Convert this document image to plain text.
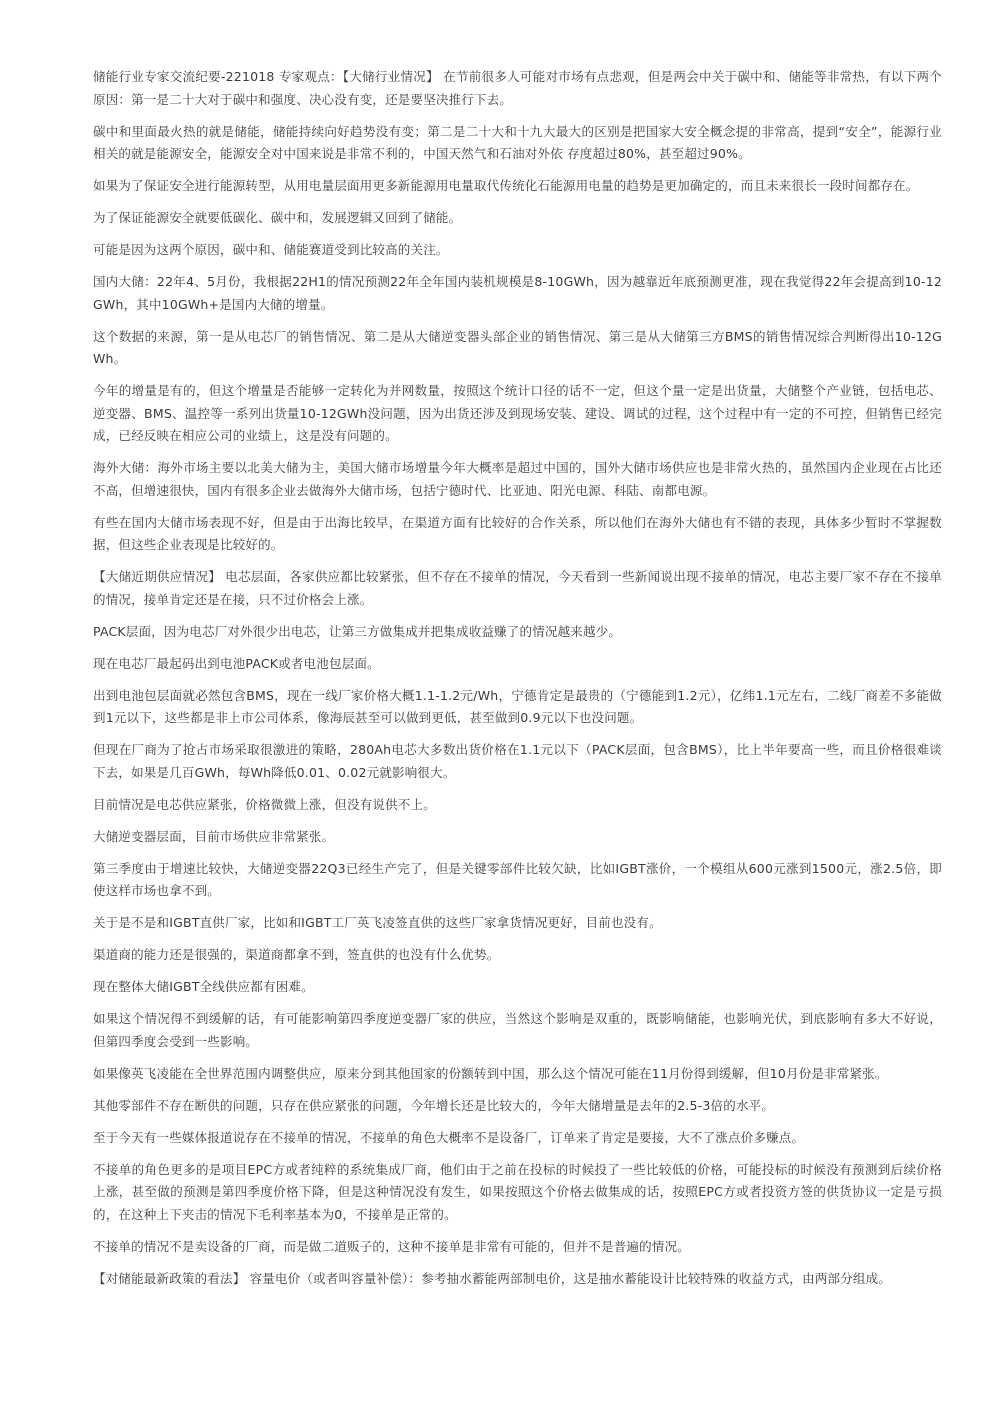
储能行业专家交流纪要-221018 专家观点：【大储行业情况】 在节前很多人可能对市场有点悲观，但是两会中关于碳中和、储能等非常热，有以下两个原因：第一是二十大对于碳中和强度、决心没有变，还是要坚决推行下去。

碳中和里面最火热的就是储能，储能持续向好趋势没有变；第二是二十大和十九大最大的区别是把国家大安全概念提的非常高，提到“安全”，能源行业相关的就是能源安全，能源安全对中国来说是非常不利的，中国天然气和石油对外依 存度超过80%，甚至超过90%。

如果为了保证安全进行能源转型，从用电量层面用更多新能源用电量取代传统化石能源用电量的趋势是更加确定的，而且未来很长一段时间都存在。

为了保证能源安全就要低碳化、碳中和，发展逻辑又回到了储能。

可能是因为这两个原因，碳中和、储能赛道受到比较高的关注。

国内大储：22年4、5月份，我根据22H1的情况预测22年全年国内装机规模是8-10GWh，因为越靠近年底预测更准，现在我觉得22年会提高到10-12GWh，其中10GWh+是国内大储的增量。

这个数据的来源，第一是从电芯厂的销售情况、第二是从大储逆变器头部企业的销售情况、第三是从大储第三方BMS的销售情况综合判断得出10-12GWh。

今年的增量是有的，但这个增量是否能够一定转化为并网数量，按照这个统计口径的话不一定，但这个量一定是出货量，大储整个产业链，包括电芯、逆变器、BMS、温控等一系列出货量10-12GWh没问题，因为出货还涉及到现场安装、建设、调试的过程，这个过程中有一定的不可控，但销售已经完成，已经反映在相应公司的业绩上，这是没有问题的。

海外大储：海外市场主要以北美大储为主，美国大储市场增量今年大概率是超过中国的，国外大储市场供应也是非常火热的，虽然国内企业现在占比还不高，但增速很快，国内有很多企业去做海外大储市场，包括宁德时代、比亚迪、阳光电源、科陆、南都电源。

有些在国内大储市场表现不好，但是由于出海比较早，在渠道方面有比较好的合作关系，所以他们在海外大储也有不错的表现，具体多少暂时不掌握数据，但这些企业表现是比较好的。

【大储近期供应情况】 电芯层面，各家供应都比较紧张，但不存在不接单的情况，今天看到一些新闻说出现不接单的情况，电芯主要厂家不存在不接单的情况，接单肯定还是在接，只不过价格会上涨。

PACK层面，因为电芯厂对外很少出电芯，让第三方做集成并把集成收益赚了的情况越来越少。

现在电芯厂最起码出到电池PACK或者电池包层面。

出到电池包层面就必然包含BMS，现在一线厂家价格大概1.1-1.2元/Wh，宁德肯定是最贵的（宁德能到1.2元），亿纬1.1元左右，二线厂商差不多能做到1元以下，这些都是非上市公司体系，像海辰甚至可以做到更低，甚至做到0.9元以下也没问题。

但现在厂商为了抢占市场采取很激进的策略，280Ah电芯大多数出货价格在1.1元以下（PACK层面，包含BMS），比上半年要高一些，而且价格很难谈下去，如果是几百GWh，每Wh降低0.01、0.02元就影响很大。

目前情况是电芯供应紧张，价格微微上涨，但没有说供不上。

大储逆变器层面，目前市场供应非常紧张。

第三季度由于增速比较快，大储逆变器22Q3已经生产完了，但是关键零部件比较欠缺，比如IGBT涨价，一个模组从600元涨到1500元，涨2.5倍，即使这样市场也拿不到。

关于是不是和IGBT直供厂家，比如和IGBT工厂英飞凌签直供的这些厂家拿货情况更好，目前也没有。

渠道商的能力还是很强的，渠道商都拿不到，签直供的也没有什么优势。

现在整体大储IGBT全线供应都有困难。

如果这个情况得不到缓解的话，有可能影响第四季度逆变器厂家的供应，当然这个影响是双重的，既影响储能，也影响光伏，到底影响有多大不好说，但第四季度会受到一些影响。

如果像英飞凌能在全世界范围内调整供应，原来分到其他国家的份额转到中国，那么这个情况可能在11月份得到缓解，但10月份是非常紧张。

其他零部件不存在断供的问题，只存在供应紧张的问题，今年增长还是比较大的，今年大储增量是去年的2.5-3倍的水平。

至于今天有一些媒体报道说存在不接单的情况，不接单的角色大概率不是设备厂，订单来了肯定是要接，大不了涨点价多赚点。

不接单的角色更多的是项目EPC方或者纯粹的系统集成厂商，他们由于之前在投标的时候投了一些比较低的价格，可能投标的时候没有预测到后续价格上涨，甚至做的预测是第四季度价格下降，但是这种情况没有发生，如果按照这个价格去做集成的话，按照EPC方或者投资方签的供货协议一定是亏损的，在这种上下夹击的情况下毛利率基本为0，不接单是正常的。

不接单的情况不是卖设备的厂商，而是做二道贩子的，这种不接单是非常有可能的，但并不是普遍的情况。

【对储能最新政策的看法】 容量电价（或者叫容量补偿）：参考抽水蓄能两部制电价，这是抽水蓄能设计比较特殊的收益方式，由两部分组成。
